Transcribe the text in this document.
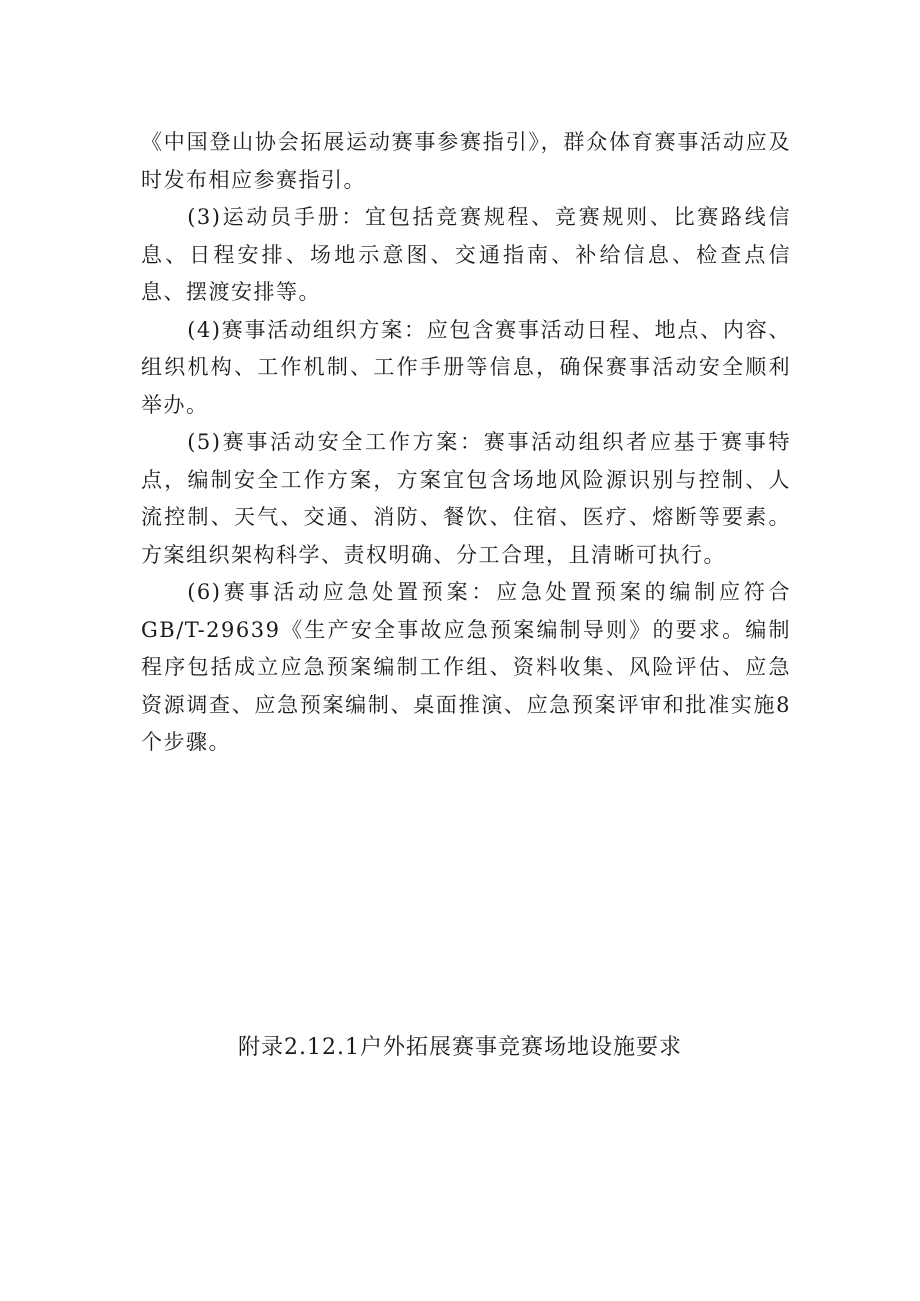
《中国登山协会拓展运动赛事参赛指引》，群众体育赛事活动应及时发布相应参赛指引。

(3)运动员手册：宜包括竞赛规程、竞赛规则、比赛路线信息、日程安排、场地示意图、交通指南、补给信息、检查点信息、摆渡安排等。

(4)赛事活动组织方案：应包含赛事活动日程、地点、内容、组织机构、工作机制、工作手册等信息，确保赛事活动安全顺利举办。

(5)赛事活动安全工作方案：赛事活动组织者应基于赛事特点，编制安全工作方案，方案宜包含场地风险源识别与控制、人流控制、天气、交通、消防、餐饮、住宿、医疗、熔断等要素。方案组织架构科学、责权明确、分工合理，且清晰可执行。

(6)赛事活动应急处置预案：应急处置预案的编制应符合GB/T-29639《生产安全事故应急预案编制导则》的要求。编制程序包括成立应急预案编制工作组、资料收集、风险评估、应急资源调查、应急预案编制、桌面推演、应急预案评审和批准实施8个步骤。

附录2.12.1户外拓展赛事竞赛场地设施要求
